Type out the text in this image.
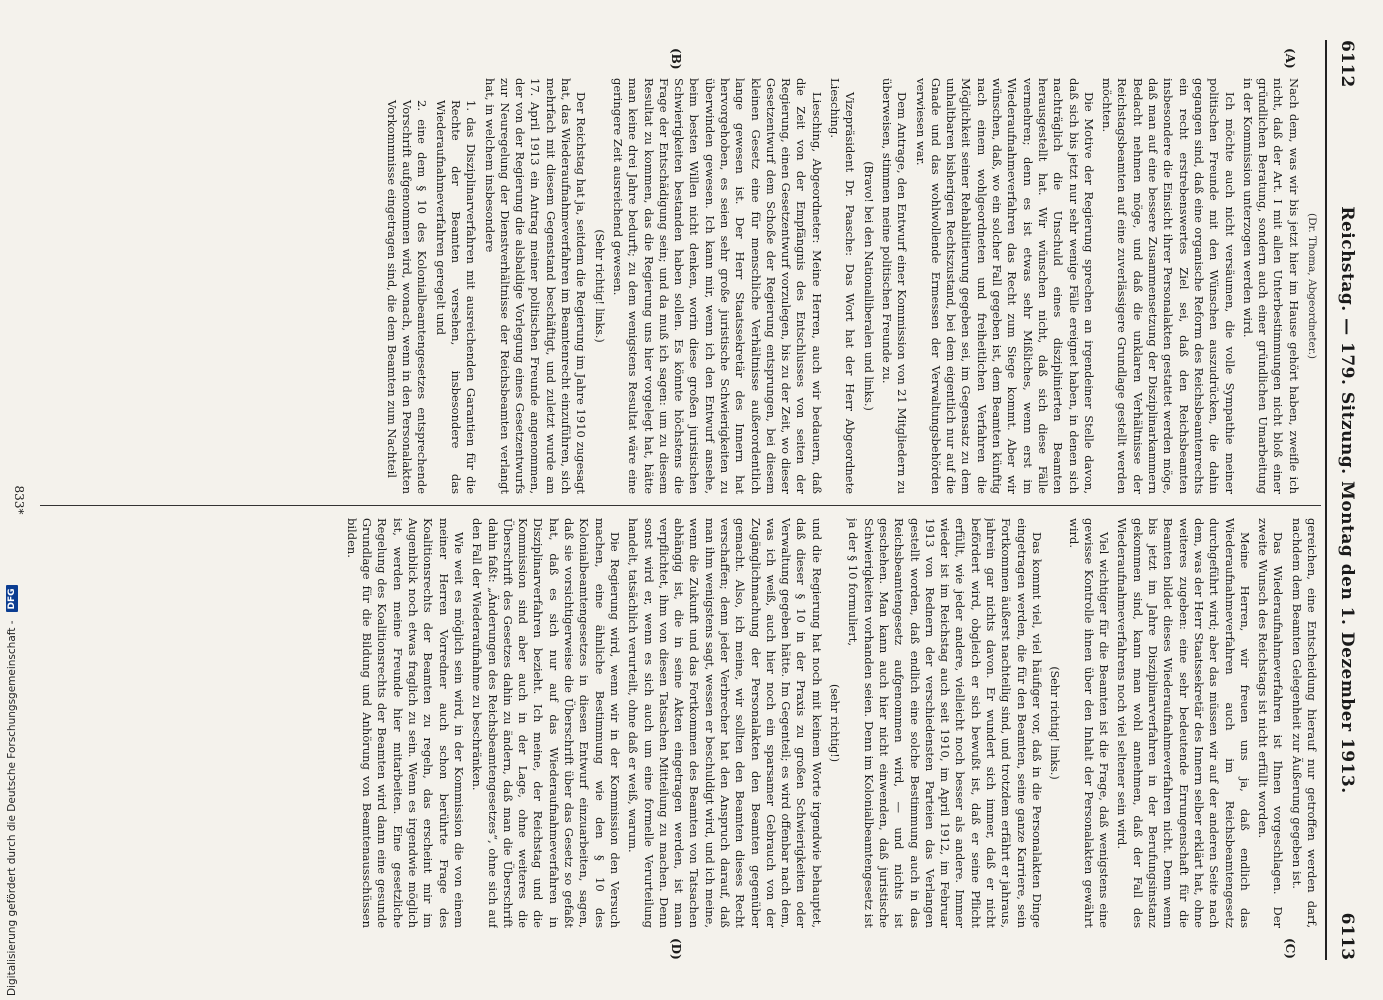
6112
Reichstag. — 179. Sitzung. Montag den 1. Dezember 1913.
6113
(A)
(B)
(C)
(D)

(Dr. Thoma, Abgeordneter.)

Nach dem, was wir bis jetzt hier im Hause gehört haben, zweifle ich nicht, daß der Art. I mit allen Unterbestimmungen nicht bloß einer gründlichen Beratung, sondern auch einer gründlichen Umarbeitung in der Kommission unterzogen werden wird.

Ich möchte auch nicht versäumen, die volle Sympathie meiner politischen Freunde mit den Wünschen auszudrücken, die dahin gegangen sind, daß eine organische Reform des Reichsbeamtenrechts ein recht erstrebenswertes Ziel sei, daß den Reichsbeamten insbesondere die Einsicht ihrer Personalakten gestattet werden möge, daß man auf eine bessere Zusammensetzung der Disziplinarkammern Bedacht nehmen möge, und daß die unklaren Verhältnisse der Reichstagsbeamten auf eine zuverlässigere Grundlage gestellt werden möchten.

Die Motive der Regierung sprechen an irgendeiner Stelle davon, daß sich bis jetzt nur sehr wenige Fälle ereignet haben, in denen sich nachträglich die Unschuld eines disziplinierten Beamten herausgestellt hat. Wir wünschen nicht, daß sich diese Fälle vermehren; denn es ist etwas sehr Mißliches, wenn erst im Wiederaufnahmeverfahren das Recht zum Siege kommt. Aber wir wünschen, daß, wo ein solcher Fall gegeben ist, dem Beamten künftig nach einem wohlgeordneten und freiheitlichen Verfahren die Möglichkeit seiner Rehabilitierung gegeben sei, im Gegensatz zu dem unhaltbaren bisherigen Rechtszustand, bei dem eigentlich nur auf die Gnade und das wohlwollende Ermessen der Verwaltungsbehörden verwiesen war.

Dem Antrage, den Entwurf einer Kommission von 21 Mitgliedern zu überweisen, stimmen meine politischen Freunde zu.

(Bravo! bei den Nationalliberalen und links.)

Vizepräsident Dr. Paasche: Das Wort hat der Herr Abgeordnete Liesching.

Liesching, Abgeordneter: Meine Herren, auch wir bedauern, daß die Zeit von der Empfängnis des Entschlusses von seiten der Regierung, einen Gesetzentwurf vorzulegen, bis zu der Zeit, wo dieser Gesetzentwurf dem Schoße der Regierung entsprungen, bei diesem kleinen Gesetz eine für menschliche Verhältnisse außerordentlich lange gewesen ist. Der Herr Staatssekretär des Innern hat hervorgehoben, es seien sehr große juristische Schwierigkeiten zu überwinden gewesen. Ich kann mir, wenn ich den Entwurf ansehe, beim besten Willen nicht denken, worin diese großen juristischen Schwierigkeiten bestanden haben sollen. Es könnte höchstens die Frage der Entschädigung sein; und da muß ich sagen: um zu diesem Resultat zu kommen, das die Regierung uns hier vorgelegt hat, hätte man keine drei Jahre bedurft; zu dem wenigstens Resultat wäre eine geringere Zeit ausreichend gewesen.

(Sehr richtig! links.)

Der Reichstag hat ja, seitdem die Regierung im Jahre 1910 zugesagt hat, das Wiederaufnahmeverfahren im Beamtenrecht einzuführen, sich mehrfach mit diesem Gegenstand beschäftigt, und zuletzt wurde am 17. April 1913 ein Antrag meiner politischen Freunde angenommen, der von der Regierung die alsbaldige Vorlegung eines Gesetzentwurfs zur Neuregelung der Dienstverhältnisse der Reichsbeamten verlangt hat, in welchem insbesondere

1. das Disziplinarverfahren mit ausreichenden Garantien für die Rechte der Beamten versehen, insbesondere das Wiederaufnahmeverfahren geregelt und

2. eine dem § 10 des Kolonialbeamtengesetzes entsprechende Vorschrift aufgenommen wird, wonach, wenn in den Personalakten Vorkommnisse eingetragen sind, die dem Beamten zum Nachteil

gereichen, eine Entscheidung hierauf nur getroffen werden darf, nachdem dem Beamten Gelegenheit zur Äußerung gegeben ist.

Das Wiederaufnahmeverfahren ist Ihnen vorgeschlagen. Der zweite Wunsch des Reichstags ist nicht erfüllt worden.

Meine Herren, wir freuen uns ja, daß endlich das Wiederaufnahmeverfahren auch im Reichsbeamtengesetz durchgeführt wird; aber das müssen wir auf der anderen Seite nach dem, was der Herr Staatssekretär des Innern selber erklärt hat, ohne weiteres zugeben: eine sehr bedeutende Errungenschaft für die Beamten bildet dieses Wiederaufnahmeverfahren nicht. Denn wenn bis jetzt im Jahre Disziplinarverfahren in der Berufungsinstanz gekommen sind, kann man wohl annehmen, daß der Fall des Wiederaufnahmeverfahrens noch viel seltener sein wird.

Viel wichtiger für die Beamten ist die Frage, daß wenigstens eine gewisse Kontrolle ihnen über den Inhalt der Personalakten gewährt wird.

(Sehr richtig! links.)

Das kommt viel, viel häufiger vor, daß in die Personalakten Dinge eingetragen werden, die für den Beamten, seine ganze Karriere, sein Fortkommen äußerst nachteilig sind, und trotzdem erfährt er jahraus, jahrein gar nichts davon. Er wundert sich immer, daß er nicht befördert wird, obgleich er sich bewußt ist, daß er seine Pflicht erfüllt, wie jeder andere, vielleicht noch besser als andere. Immer wieder ist im Reichstag auch seit 1910, im April 1912, im Februar 1913 von Rednern der verschiedensten Parteien das Verlangen gestellt worden, daß endlich eine solche Bestimmung auch in das Reichsbeamtengesetz aufgenommen wird, — und nichts ist geschehen. Man kann auch hier nicht einwenden, daß juristische Schwierigkeiten vorhanden seien. Denn im Kolonialbeamtengesetz ist ja der § 10 formuliert,

(sehr richtig!)

und die Regierung hat noch mit keinem Worte irgendwie behauptet, daß dieser § 10 in der Praxis zu großen Schwierigkeiten oder Verwaltung gegeben hätte. Im Gegenteil; es wird offenbar nach dem, was ich weiß, auch hier noch ein sparsamer Gebrauch von der Zugänglichmachung der Personalakten den Beamten gegenüber gemacht. Also, ich meine, wir sollten den Beamten dieses Recht verschaffen; denn jeder Verbrecher hat den Anspruch darauf, daß man ihm wenigstens sagt, wessen er beschuldigt wird, und ich meine, wenn die Zukunft und das Fortkommen des Beamten von Tatsachen abhängig ist, die in seine Akten eingetragen werden, ist man verpflichtet, ihm von diesen Tatsachen Mitteilung zu machen. Denn sonst wird er, wenn es sich auch um eine formelle Verurteilung handelt, tatsächlich verurteilt, ohne daß er weiß, warum.

Die Regierung wird, wenn wir in der Kommission den Versuch machen, eine ähnliche Bestimmung wie den § 10 des Kolonialbeamtengesetzes in diesen Entwurf einzuarbeiten, sagen, daß sie vorsichtigerweise die Überschrift über das Gesetz so gefaßt hat, daß es sich nur auf das Wiederaufnahmeverfahren in Disziplinarverfahren bezieht. Ich meine, der Reichstag und die Kommission sind aber auch in der Lage, ohne weiteres die Überschrift des Gesetzes dahin zu ändern, daß man die Überschrift dahin faßt: „Änderungen des Reichsbeamtengesetzes“, ohne sich auf den Fall der Wiederaufnahme zu beschränken.

Wie weit es möglich sein wird, in der Kommission die von einem meiner Herren Vorredner auch schon berührte Frage des Koalitionsrechts der Beamten zu regeln, das erscheint mir im Augenblick noch etwas fraglich zu sein. Wenn es irgendwie möglich ist, werden meine Freunde hier mitarbeiten. Eine gesetzliche Regelung des Koalitionsrechts der Beamten wird dann eine gesunde Grundlage für die Bildung und Anhörung von Beamtenausschüssen bilden.

833*
Digitalisierung gefördert durch die Deutsche Forschungsgemeinschaft -
DFG
